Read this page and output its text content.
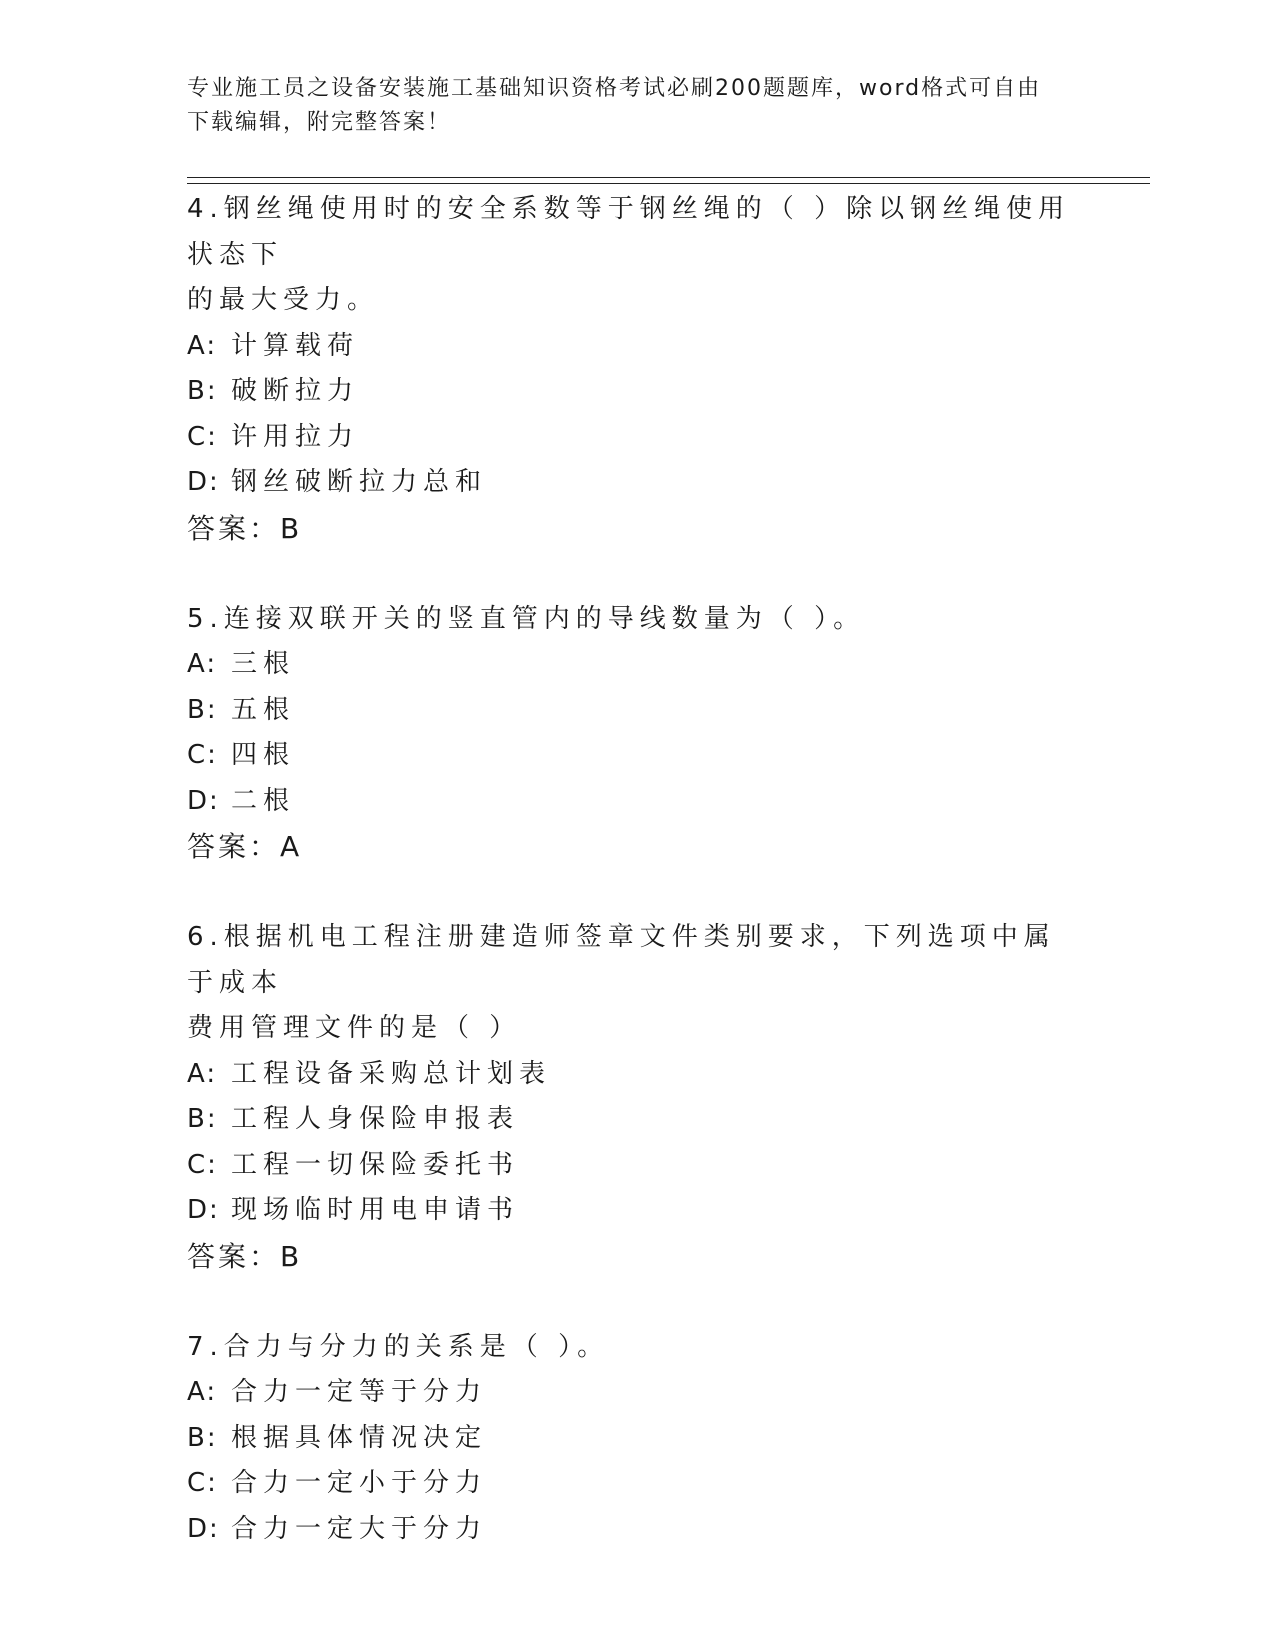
专业施工员之设备安装施工基础知识资格考试必刷200题题库，word格式可自由
下载编辑，附完整答案！
4.钢丝绳使用时的安全系数等于钢丝绳的（ ）除以钢丝绳使用状态下
的最大受力。
A: 计算载荷
B: 破断拉力
C: 许用拉力
D: 钢丝破断拉力总和
答案：B
5.连接双联开关的竖直管内的导线数量为（ ）。
A: 三根
B: 五根
C: 四根
D: 二根
答案：A
6.根据机电工程注册建造师签章文件类别要求，下列选项中属于成本
费用管理文件的是（ ）
A: 工程设备采购总计划表
B: 工程人身保险申报表
C: 工程一切保险委托书
D: 现场临时用电申请书
答案：B
7.合力与分力的关系是（ ）。
A: 合力一定等于分力
B: 根据具体情况决定
C: 合力一定小于分力
D: 合力一定大于分力
